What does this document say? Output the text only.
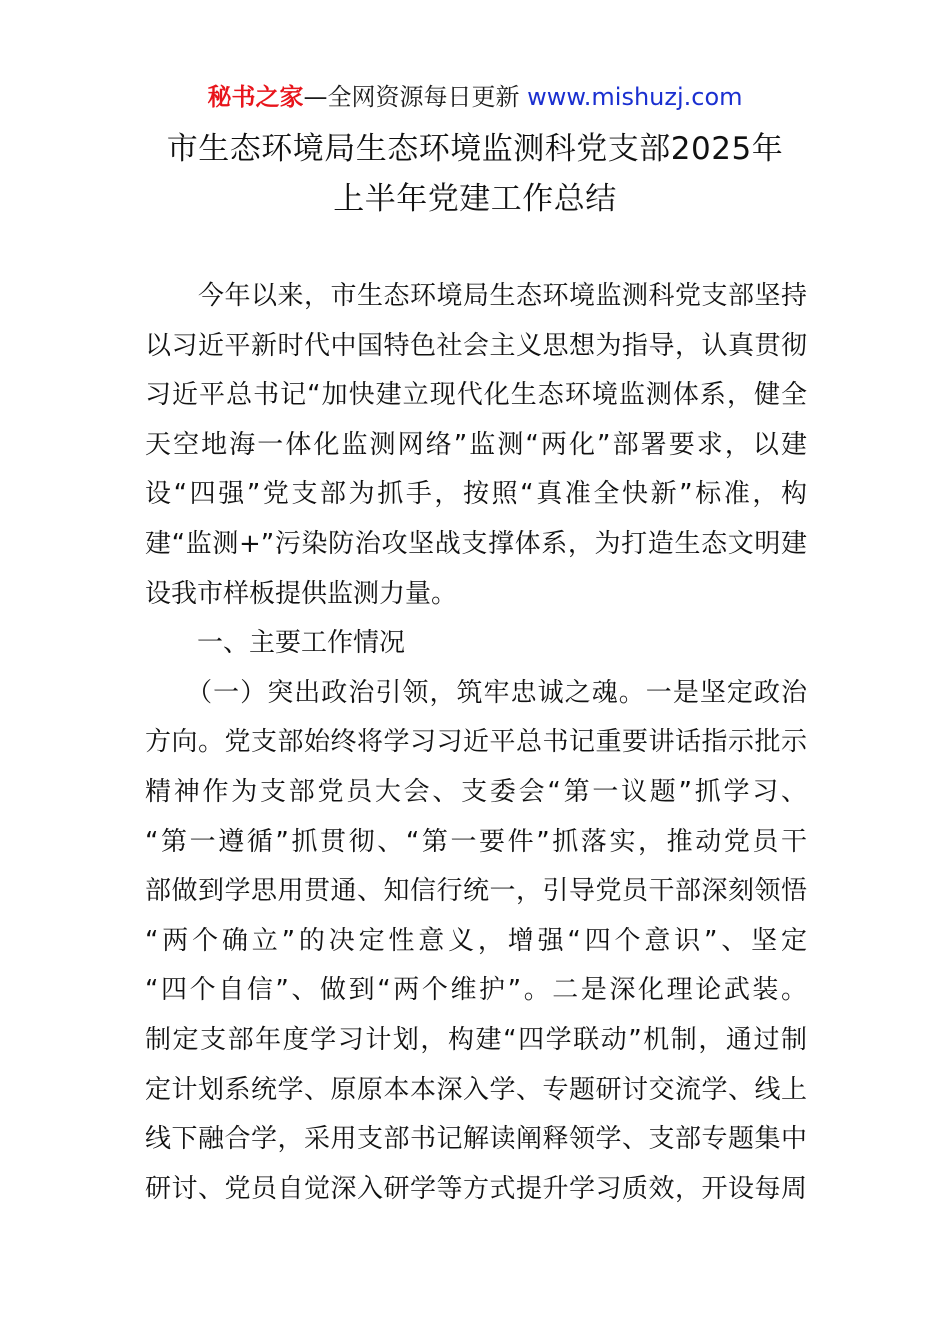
秘书之家—全网资源每日更新 www.mishuzj.com
市生态环境局生态环境监测科党支部2025年
上半年党建工作总结
　　今年以来，市生态环境局生态环境监测科党支部坚持
以习近平新时代中国特色社会主义思想为指导，认真贯彻
习近平总书记“加快建立现代化生态环境监测体系，健全
天空地海一体化监测网络”监测“两化”部署要求，以建
设“四强”党支部为抓手，按照“真准全快新”标准，构
建“监测+”污染防治攻坚战支撑体系，为打造生态文明建
设我市样板提供监测力量。
　　一、主要工作情况
　　（一）突出政治引领，筑牢忠诚之魂。一是坚定政治
方向。党支部始终将学习习近平总书记重要讲话指示批示
精神作为支部党员大会、支委会“第一议题”抓学习、
“第一遵循”抓贯彻、“第一要件”抓落实，推动党员干
部做到学思用贯通、知信行统一，引导党员干部深刻领悟
“两个确立”的决定性意义，增强“四个意识”、坚定
“四个自信”、做到“两个维护”。二是深化理论武装。
制定支部年度学习计划，构建“四学联动”机制，通过制
定计划系统学、原原本本深入学、专题研讨交流学、线上
线下融合学，采用支部书记解读阐释领学、支部专题集中
研讨、党员自觉深入研学等方式提升学习质效，开设每周
